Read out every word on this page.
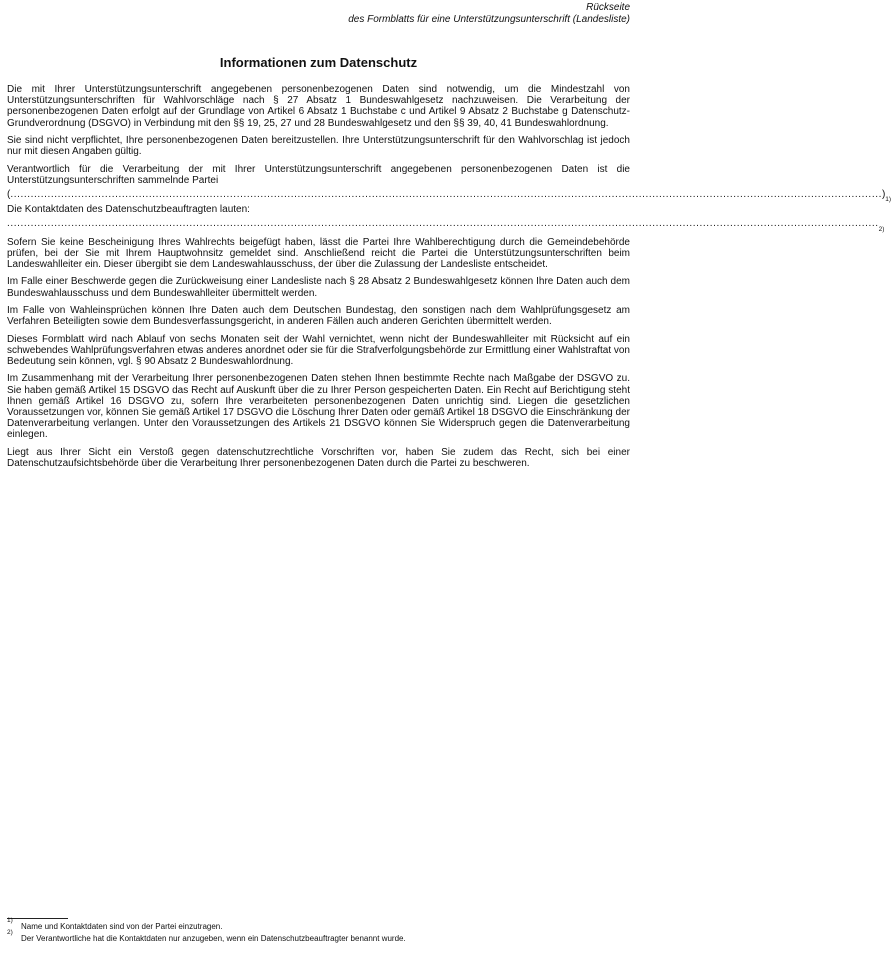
Rückseite
des Formblatts für eine Unterstützungsunterschrift (Landesliste)
Informationen zum Datenschutz

Die mit Ihrer Unterstützungsunterschrift angegebenen personenbezogenen Daten sind notwendig, um die Mindestzahl von Unterstützungsunterschriften für Wahlvorschläge nach § 27 Absatz 1 Bundeswahlgesetz nachzuweisen. Die Verarbeitung der personenbezogenen Daten erfolgt auf der Grundlage von Artikel 6 Absatz 1 Buchstabe c und Artikel 9 Absatz 2 Buchstabe g Datenschutz-Grundverordnung (DSGVO) in Verbindung mit den §§ 19, 25, 27 und 28 Bundeswahlgesetz und den §§ 39, 40, 41 Bundeswahlordnung.

Sie sind nicht verpflichtet, Ihre personenbezogenen Daten bereitzustellen. Ihre Unterstützungsunterschrift für den Wahlvorschlag ist jedoch nur mit diesen Angaben gültig.

Verantwortlich für die Verarbeitung der mit Ihrer Unterstützungsunterschrift angegebenen personenbezogenen Daten ist die Unterstützungsunterschriften sammelnde Partei

( .................................................................................................................................................................................................................................................................. ) 1)

Die Kontaktdaten des Datenschutzbeauftragten lauten:

.................................................................................................................................................................................................................................................................. 2)

Sofern Sie keine Bescheinigung Ihres Wahlrechts beigefügt haben, lässt die Partei Ihre Wahlberechtigung durch die Gemeindebehörde prüfen, bei der Sie mit Ihrem Hauptwohnsitz gemeldet sind. Anschließend reicht die Partei die Unterstützungsunterschriften beim Landeswahlleiter ein. Dieser übergibt sie dem Landeswahlausschuss, der über die Zulassung der Landesliste entscheidet.

Im Falle einer Beschwerde gegen die Zurückweisung einer Landesliste nach § 28 Absatz 2 Bundeswahlgesetz können Ihre Daten auch dem Bundeswahlausschuss und dem Bundeswahlleiter übermittelt werden.

Im Falle von Wahleinsprüchen können Ihre Daten auch dem Deutschen Bundestag, den sonstigen nach dem Wahlprüfungsgesetz am Verfahren Beteiligten sowie dem Bundesverfassungsgericht, in anderen Fällen auch anderen Gerichten übermittelt werden.

Dieses Formblatt wird nach Ablauf von sechs Monaten seit der Wahl vernichtet, wenn nicht der Bundeswahlleiter mit Rücksicht auf ein schwebendes Wahlprüfungsverfahren etwas anderes anordnet oder sie für die Strafverfolgungsbehörde zur Ermittlung einer Wahlstraftat von Bedeutung sein können, vgl. § 90 Absatz 2 Bundeswahlordnung.

Im Zusammenhang mit der Verarbeitung Ihrer personenbezogenen Daten stehen Ihnen bestimmte Rechte nach Maßgabe der DSGVO zu. Sie haben gemäß Artikel 15 DSGVO das Recht auf Auskunft über die zu Ihrer Person gespeicherten Daten. Ein Recht auf Berichtigung steht Ihnen gemäß Artikel 16 DSGVO zu, sofern Ihre verarbeiteten personenbezogenen Daten unrichtig sind. Liegen die gesetzlichen Voraussetzungen vor, können Sie gemäß Artikel 17 DSGVO die Löschung Ihrer Daten oder gemäß Artikel 18 DSGVO die Einschränkung der Datenverarbeitung verlangen. Unter den Voraussetzungen des Artikels 21 DSGVO können Sie Widerspruch gegen die Datenverarbeitung einlegen.

Liegt aus Ihrer Sicht ein Verstoß gegen datenschutzrechtliche Vorschriften vor, haben Sie zudem das Recht, sich bei einer Datenschutzaufsichtsbehörde über die Verarbeitung Ihrer personenbezogenen Daten durch die Partei zu beschweren.

1)
Name und Kontaktdaten sind von der Partei einzutragen.
2)
Der Verantwortliche hat die Kontaktdaten nur anzugeben, wenn ein Datenschutzbeauftragter benannt wurde.
